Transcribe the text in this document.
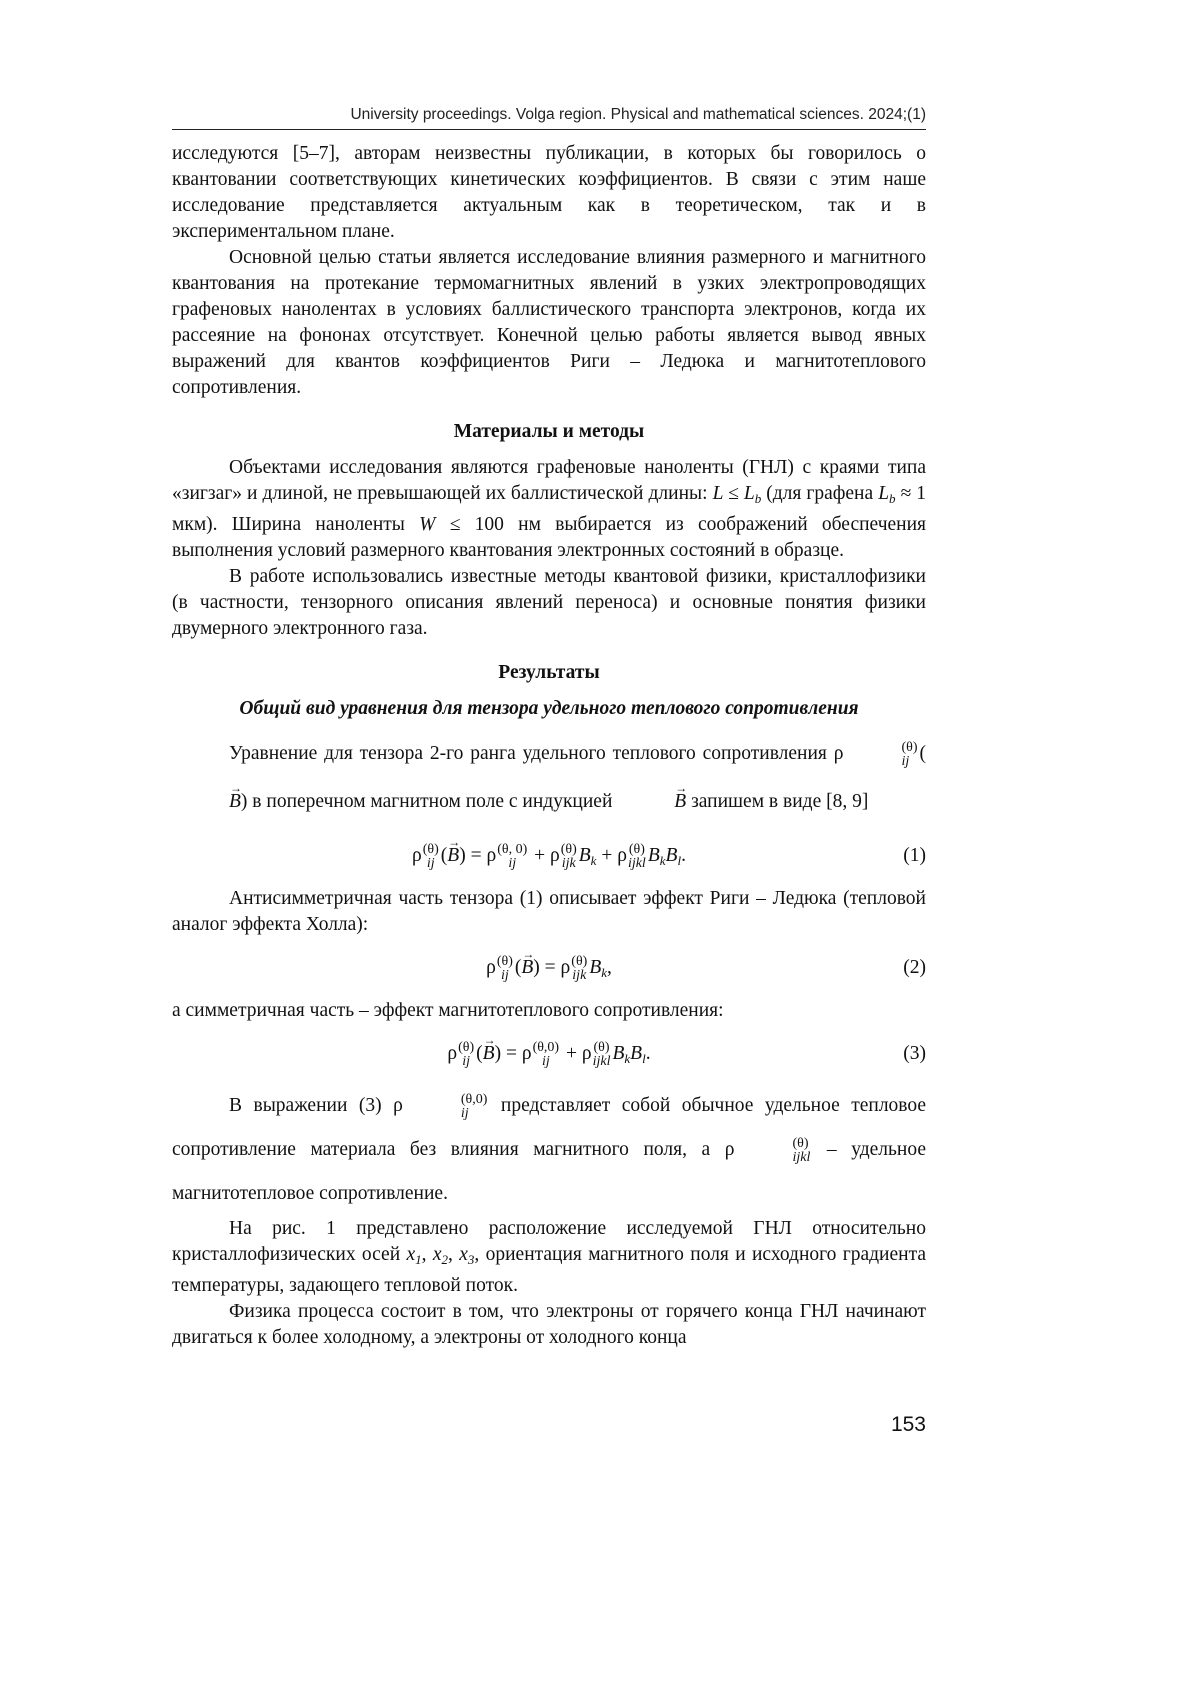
University proceedings. Volga region. Physical and mathematical sciences. 2024;(1)

исследуются [5–7], авторам неизвестны публикации, в которых бы говорилось о квантовании соответствующих кинетических коэффициентов. В связи с этим наше исследование представляется актуальным как в теоретическом, так и в экспериментальном плане.

Основной целью статьи является исследование влияния размерного и магнитного квантования на протекание термомагнитных явлений в узких электропроводящих графеновых нанолентах в условиях баллистического транспорта электронов, когда их рассеяние на фононах отсутствует. Конечной целью работы является вывод явных выражений для квантов коэффициентов Риги – Ледюка и магнитотеплового сопротивления.

Материалы и методы

Объектами исследования являются графеновые наноленты (ГНЛ) с краями типа «зигзаг» и длиной, не превышающей их баллистической длины: $L \le L_b$ (для графена $L_b \approx 1$ мкм). Ширина наноленты W ≤ 100 нм выбирается из соображений обеспечения выполнения условий размерного квантования электронных состояний в образце.

В работе использовались известные методы квантовой физики, кристаллофизики (в частности, тензорного описания явлений переноса) и основные понятия физики двумерного электронного газа.

Результаты
Общий вид уравнения для тензора удельного теплового сопротивления

Уравнение для тензора 2-го ранга удельного теплового сопротивления ρ	(θ)
ij (→ B) в поперечном магнитном поле с индукцией →	B запишем в виде [8, 9]

ρ (θ)
ij (→ B) = ρ (θ, 0)
ij + ρ (θ)
ijk $B_k + \rho$ (θ)
ijkl $B_kB_l$.	(1)

Антисимметричная часть тензора (1) описывает эффект Риги – Ледюка (тепловой аналог эффекта Холла):

ρ (θ)
ij (→ B) = ρ (θ)
ijk $B_k$,	(2)

а симметричная часть – эффект магнитотеплового сопротивления:

ρ (θ)
ij (→ B) = ρ (θ,0)
ij + ρ (θ)
ijkl $B_kB_l$.	(3)

В выражении (3) ρ	(θ,0)
ij	представляет собой обычное удельное тепловое сопротивление материала без влияния магнитного поля, а ρ	(θ)
ijkl – удельное магнитотепловое сопротивление.

На рис. 1 представлено расположение исследуемой ГНЛ относительно кристаллофизических осей $x_1$, $x_2$, $x_3$, ориентация магнитного поля и исходного градиента температуры, задающего тепловой поток.

Физика процесса состоит в том, что электроны от горячего конца ГНЛ начинают двигаться к более холодному, а электроны от холодного конца

153
